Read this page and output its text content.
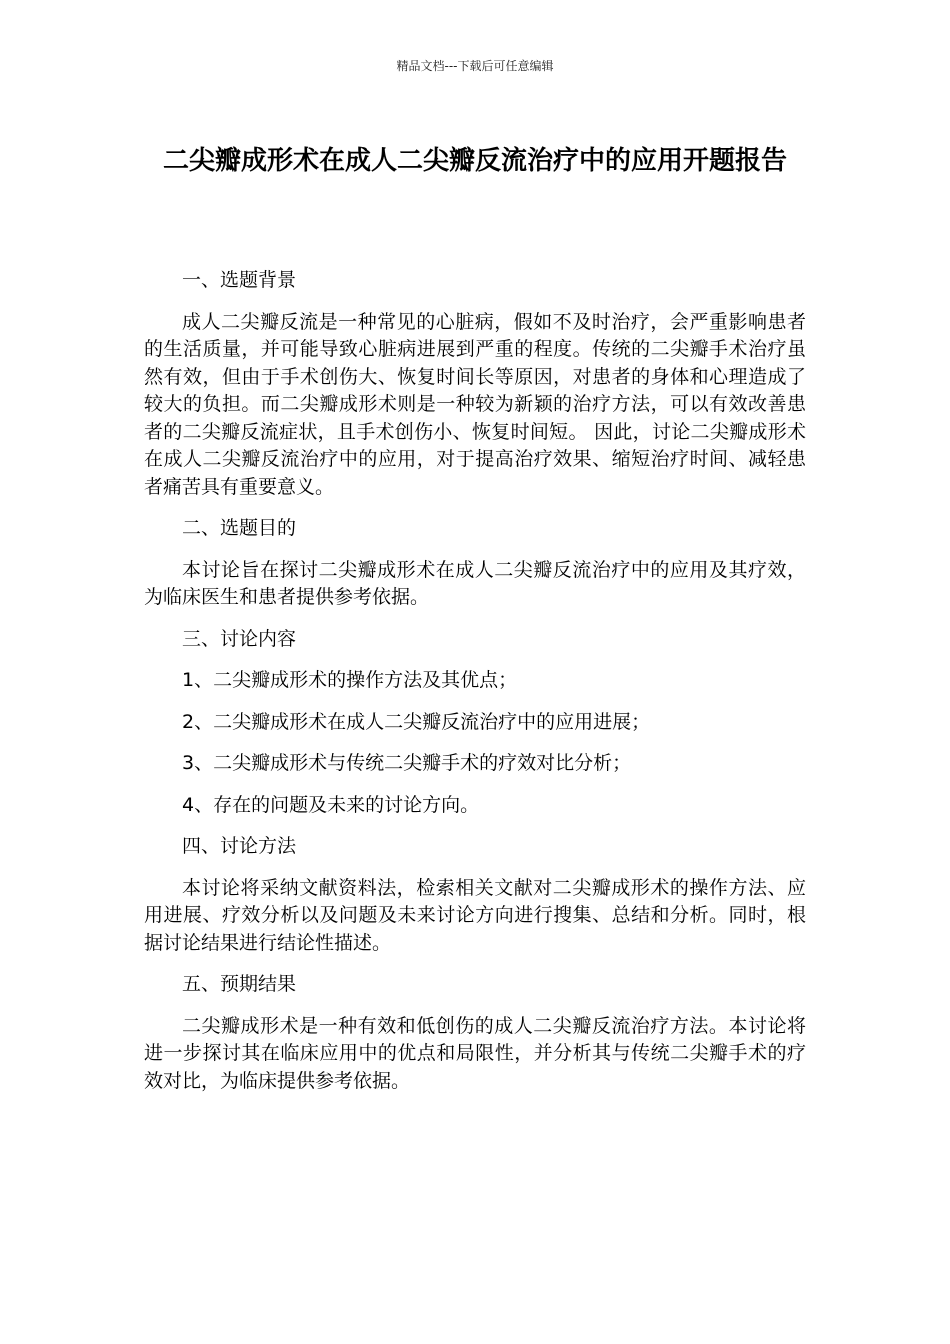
精品文档---下载后可任意编辑
二尖瓣成形术在成人二尖瓣反流治疗中的应用开题报告

一、选题背景

成人二尖瓣反流是一种常见的心脏病，假如不及时治疗，会严重影响患者的生活质量，并可能导致心脏病进展到严重的程度。传统的二尖瓣手术治疗虽然有效，但由于手术创伤大、恢复时间长等原因，对患者的身体和心理造成了较大的负担。而二尖瓣成形术则是一种较为新颖的治疗方法，可以有效改善患者的二尖瓣反流症状，且手术创伤小、恢复时间短。 因此，讨论二尖瓣成形术在成人二尖瓣反流治疗中的应用，对于提高治疗效果、缩短治疗时间、减轻患者痛苦具有重要意义。

二、选题目的

本讨论旨在探讨二尖瓣成形术在成人二尖瓣反流治疗中的应用及其疗效，为临床医生和患者提供参考依据。

三、讨论内容

1、二尖瓣成形术的操作方法及其优点；

2、二尖瓣成形术在成人二尖瓣反流治疗中的应用进展；

3、二尖瓣成形术与传统二尖瓣手术的疗效对比分析；

4、存在的问题及未来的讨论方向。

四、讨论方法

本讨论将采纳文献资料法，检索相关文献对二尖瓣成形术的操作方法、应用进展、疗效分析以及问题及未来讨论方向进行搜集、总结和分析。同时，根据讨论结果进行结论性描述。

五、预期结果

二尖瓣成形术是一种有效和低创伤的成人二尖瓣反流治疗方法。本讨论将进一步探讨其在临床应用中的优点和局限性，并分析其与传统二尖瓣手术的疗效对比，为临床提供参考依据。
